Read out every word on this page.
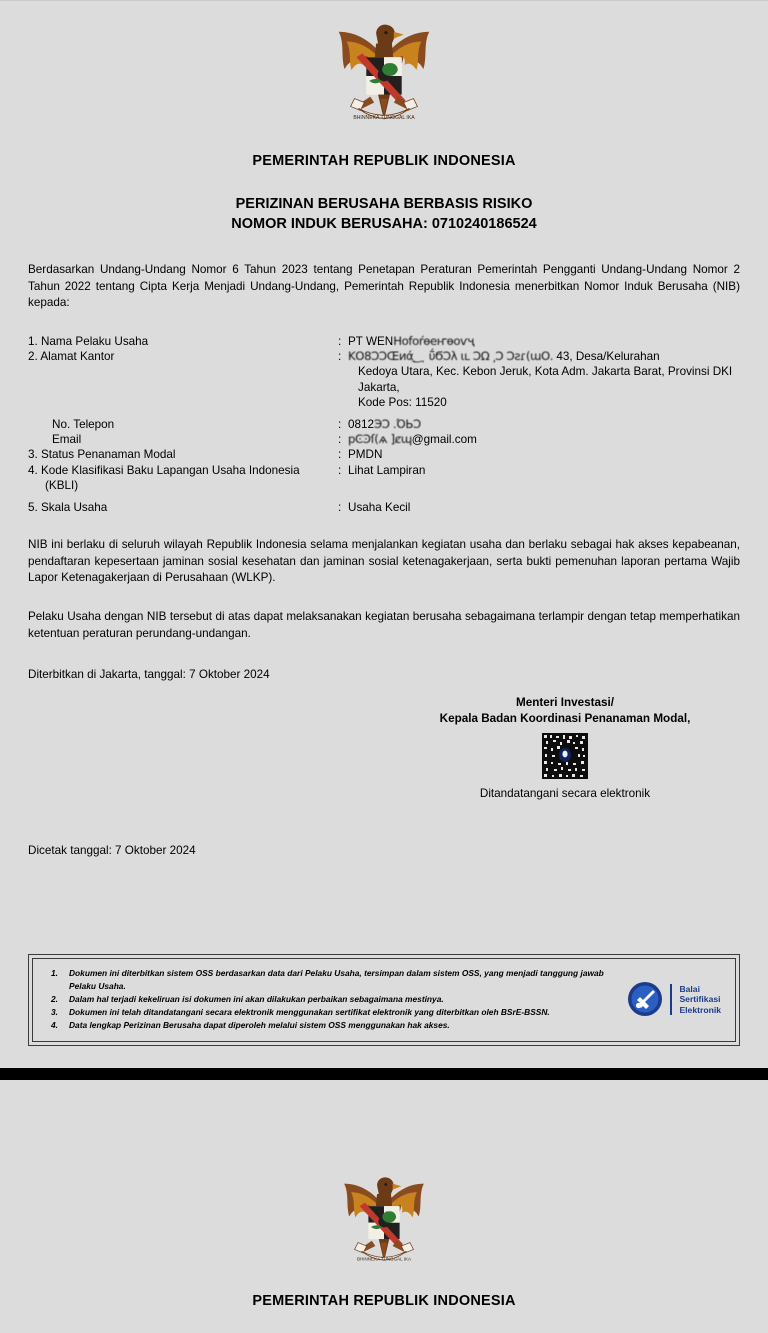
BHINNEKA TUNGGAL IKA
PEMERINTAH REPUBLIK INDONESIA
PERIZINAN BERUSAHA BERBASIS RISIKO
NOMOR INDUK BERUSAHA: 0710240186524
Berdasarkan Undang-Undang Nomor 6 Tahun 2023 tentang Penetapan Peraturan Pemerintah Pengganti Undang-Undang Nomor 2 Tahun 2022 tentang Cipta Kerja Menjadi Undang-Undang, Pemerintah Republik Indonesia menerbitkan Nomor Induk Berusaha (NIB) kepada:
1. Nama Pelaku Usaha	: PT WENHоfоŕѳеҥѳоѵҷ
2. Alamat Kantor	: ΚΟ8ϽϽŒиά ͜ͅ ͺ ΰ̄ϬϽλ ιʟ ϽΩ ͵Ͻ Ͻƨɾ(ɯΟ. 43, Desa/Kelurahan
Kedoya Utara, Kec. Kebon Jeruk, Kota Adm. Jakarta Barat, Provinsi DKI
Jakarta,
Kode Pos: 11520
No. Telepon	: 0812ЭϽ .ΌЬϽ
Email	: pϾϿſ(ѧ ]ȼɰ@gmail.com
3. Status Penanaman Modal	: PMDN
4. Kode Klasifikasi Baku Lapangan Usaha Indonesia
(KBLI)
: Lihat Lampiran
5. Skala Usaha	: Usaha Kecil
NIB ini berlaku di seluruh wilayah Republik Indonesia selama menjalankan kegiatan usaha dan berlaku sebagai hak akses kepabeanan, pendaftaran kepesertaan jaminan sosial kesehatan dan jaminan sosial ketenagakerjaan, serta bukti pemenuhan laporan pertama Wajib Lapor Ketenagakerjaan di Perusahaan (WLKP).
Pelaku Usaha dengan NIB tersebut di atas dapat melaksanakan kegiatan berusaha sebagaimana terlampir dengan tetap memperhatikan ketentuan peraturan perundang-undangan.
Diterbitkan di Jakarta, tanggal: 7 Oktober 2024
Menteri Investasi/
Kepala Badan Koordinasi Penanaman Modal,
Ditandatangani secara elektronik
Dicetak tanggal: 7 Oktober 2024
1.	Dokumen ini diterbitkan sistem OSS berdasarkan data dari Pelaku Usaha, tersimpan dalam sistem OSS, yang menjadi tanggung jawab Pelaku Usaha.
2.	Dalam hal terjadi kekeliruan isi dokumen ini akan dilakukan perbaikan sebagaimana mestinya.
3.	Dokumen ini telah ditandatangani secara elektronik menggunakan sertifikat elektronik yang diterbitkan oleh BSrE-BSSN.
4.	Data lengkap Perizinan Berusaha dapat diperoleh melalui sistem OSS menggunakan hak akses.
Balai
Sertifikasi
Elektronik
BHINNEKA TUNGGAL IKA
PEMERINTAH REPUBLIK INDONESIA
